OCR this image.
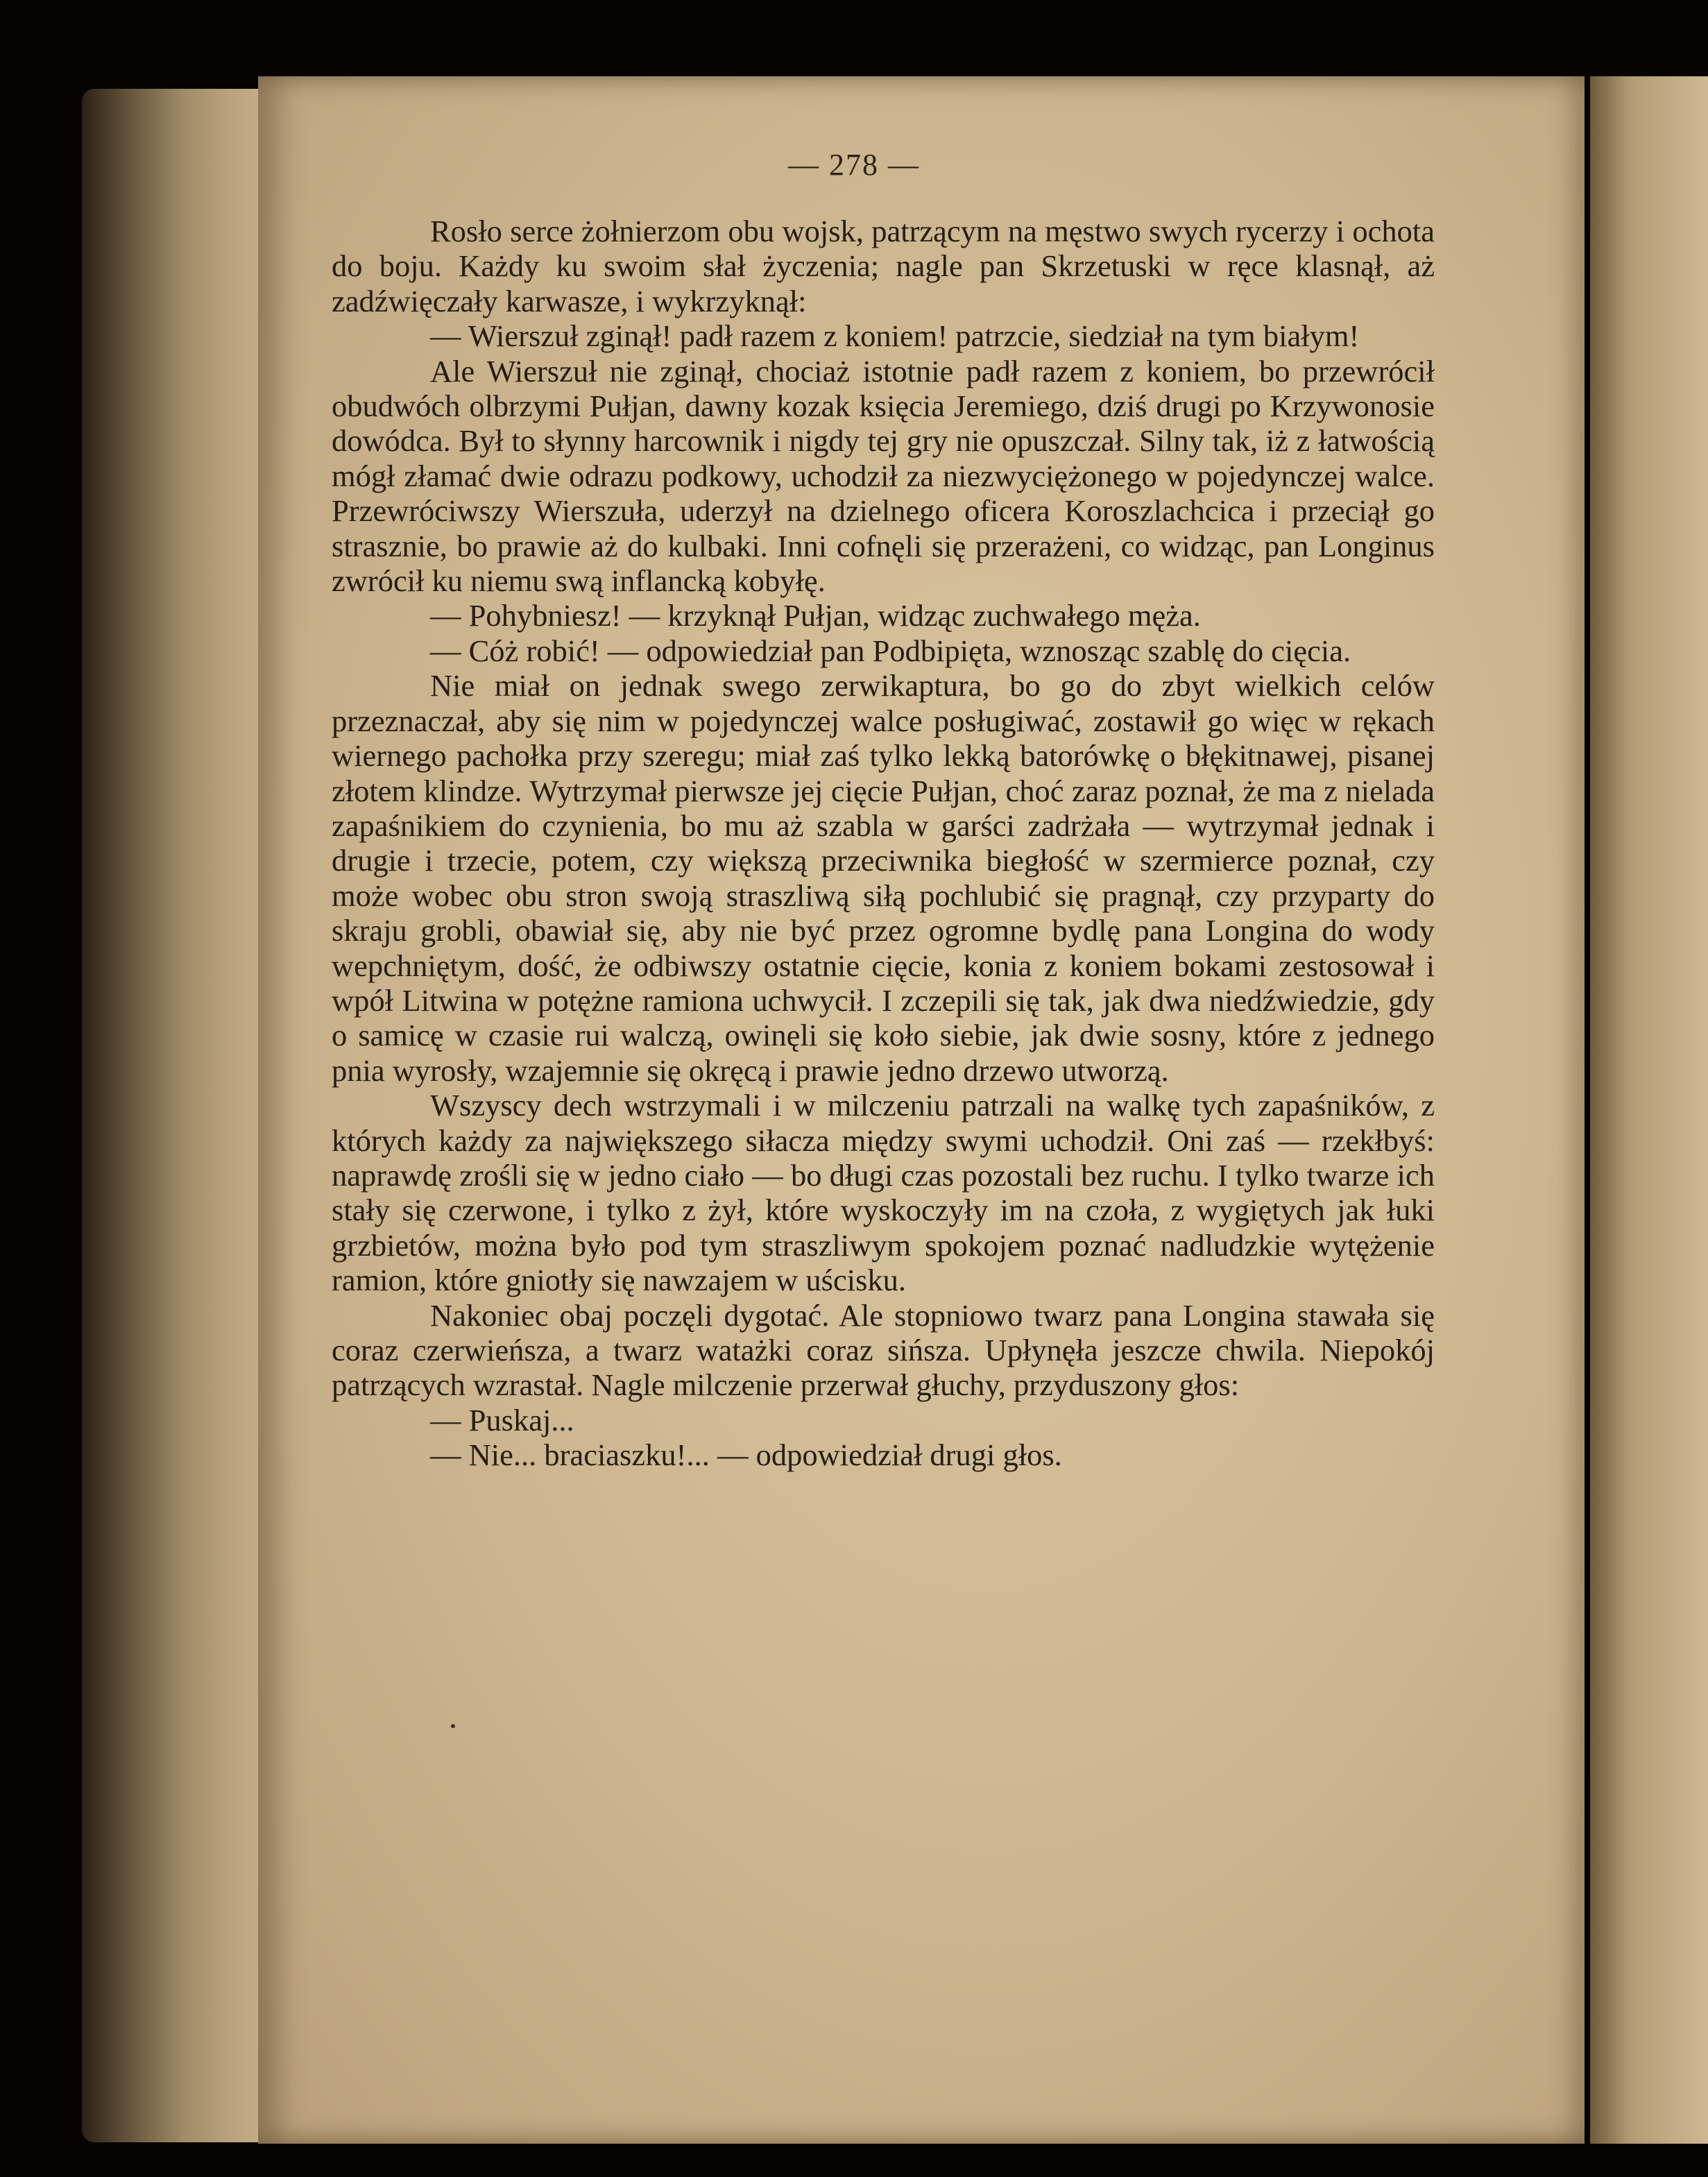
— 278 —

Rosło serce żołnierzom obu wojsk, patrzącym na męstwo swych rycerzy i ochota do boju. Każdy ku swoim słał życzenia; nagle pan Skrzetuski w ręce klasnął, aż zadźwięczały karwasze, i wykrzyknął:

— Wierszuł zginął! padł razem z koniem! patrzcie, siedział na tym białym!

Ale Wierszuł nie zginął, chociaż istotnie padł razem z koniem, bo przewrócił obudwóch olbrzymi Pułjan, dawny kozak księcia Jeremiego, dziś drugi po Krzywonosie dowódca. Był to słynny harcownik i nigdy tej gry nie opuszczał. Silny tak, iż z łatwością mógł złamać dwie odrazu podkowy, uchodził za niezwyciężonego w pojedynczej walce. Przewróciwszy Wierszuła, uderzył na dzielnego oficera Koroszlachcica i przeciął go strasznie, bo prawie aż do kulbaki. Inni cofnęli się przerażeni, co widząc, pan Longinus zwrócił ku niemu swą inflancką kobyłę.

— Pohybniesz! — krzyknął Pułjan, widząc zuchwałego męża.

— Cóż robić! — odpowiedział pan Podbipięta, wznosząc szablę do cięcia.

Nie miał on jednak swego zerwikaptura, bo go do zbyt wielkich celów przeznaczał, aby się nim w pojedynczej walce posługiwać, zostawił go więc w rękach wiernego pachołka przy szeregu; miał zaś tylko lekką batorówkę o błękitnawej, pisanej złotem klindze. Wytrzymał pierwsze jej cięcie Pułjan, choć zaraz poznał, że ma z nielada zapaśnikiem do czynienia, bo mu aż szabla w garści zadrżała — wytrzymał jednak i drugie i trzecie, potem, czy większą przeciwnika biegłość w szermierce poznał, czy może wobec obu stron swoją straszliwą siłą pochlubić się pragnął, czy przyparty do skraju grobli, obawiał się, aby nie być przez ogromne bydlę pana Longina do wody wepchniętym, dość, że odbiwszy ostatnie cięcie, konia z koniem bokami zestosował i wpół Litwina w potężne ramiona uchwycił. I zczepili się tak, jak dwa niedźwiedzie, gdy o samicę w czasie rui walczą, owinęli się koło siebie, jak dwie sosny, które z jednego pnia wyrosły, wzajemnie się okręcą i prawie jedno drzewo utworzą.

Wszyscy dech wstrzymali i w milczeniu patrzali na walkę tych zapaśników, z których każdy za największego siłacza między swymi uchodził. Oni zaś — rzekłbyś: naprawdę zrośli się w jedno ciało — bo długi czas pozostali bez ruchu. I tylko twarze ich stały się czerwone, i tylko z żył, które wyskoczyły im na czoła, z wygiętych jak łuki grzbietów, można było pod tym straszliwym spokojem poznać nadludzkie wytężenie ramion, które gniotły się nawzajem w uścisku.

Nakoniec obaj poczęli dygotać. Ale stopniowo twarz pana Longina stawała się coraz czerwieńsza, a twarz watażki coraz sińsza. Upłynęła jeszcze chwila. Niepokój patrzących wzrastał. Nagle milczenie przerwał głuchy, przyduszony głos:

— Puskaj...

— Nie... braciaszku!... — odpowiedział drugi głos.
